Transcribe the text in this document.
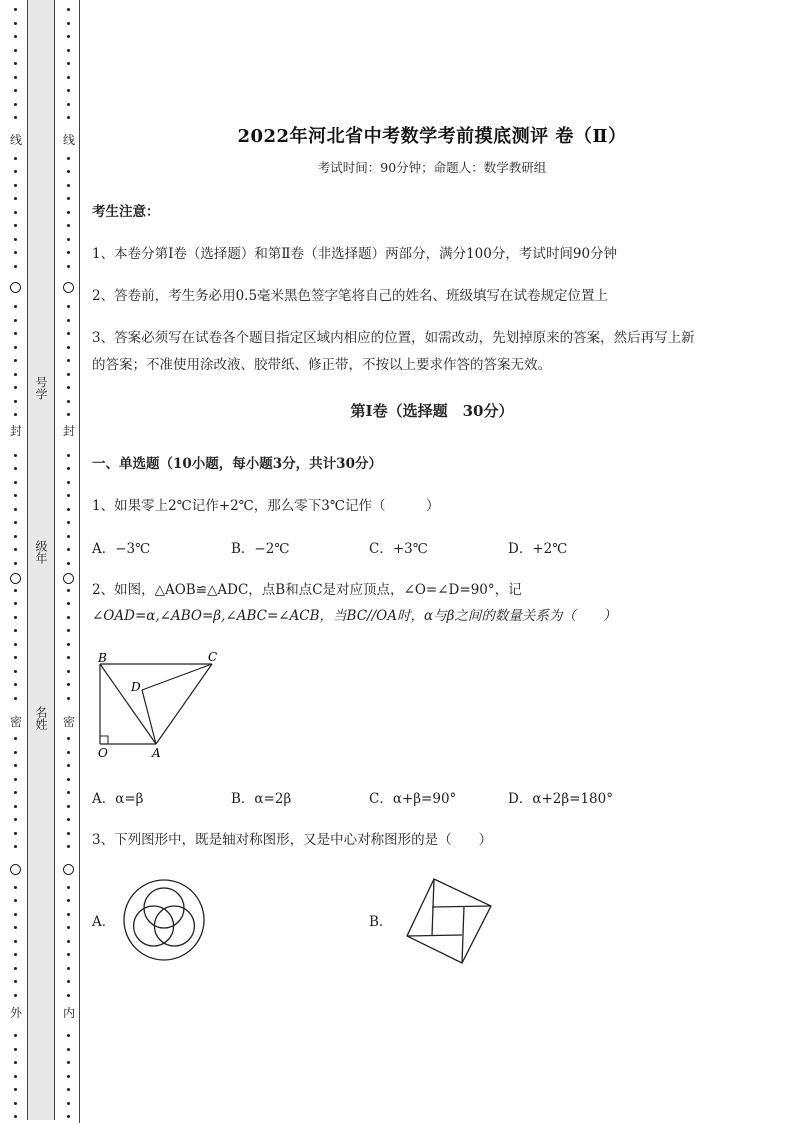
线
封
密
外
线
封
密
内
号学
级年
名姓
2022年河北省中考数学考前摸底测评 卷（Ⅱ）
考试时间：90分钟；命题人：数学教研组
考生注意：
1、本卷分第Ⅰ卷（选择题）和第Ⅱ卷（非选择题）两部分，满分100分，考试时间90分钟
2、答卷前，考生务必用0.5毫米黑色签字笔将自己的姓名、班级填写在试卷规定位置上
3、答案必须写在试卷各个题目指定区域内相应的位置，如需改动，先划掉原来的答案，然后再写上新
的答案；不准使用涂改液、胶带纸、修正带，不按以上要求作答的答案无效。
第Ⅰ卷（选择题　30分）
一、单选题（10小题，每小题3分，共计30分）
1、如果零上2℃记作+2℃，那么零下3℃记作（　　　）
A．−3℃	B．−2℃	C．+3℃	D．+2℃
2、如图，△AOB≌△ADC，点B和点C是对应顶点，∠O=∠D=90°，记
∠OAD=α,∠ABO=β,∠ABC=∠ACB，当BC//OA时，α与β之间的数量关系为（　　）
B	C
D
O	A
A．α=β	B．α=2β	C．α+β=90°	D．α+2β=180°
3、下列图形中，既是轴对称图形，又是中心对称图形的是（　　）
A．	B．
